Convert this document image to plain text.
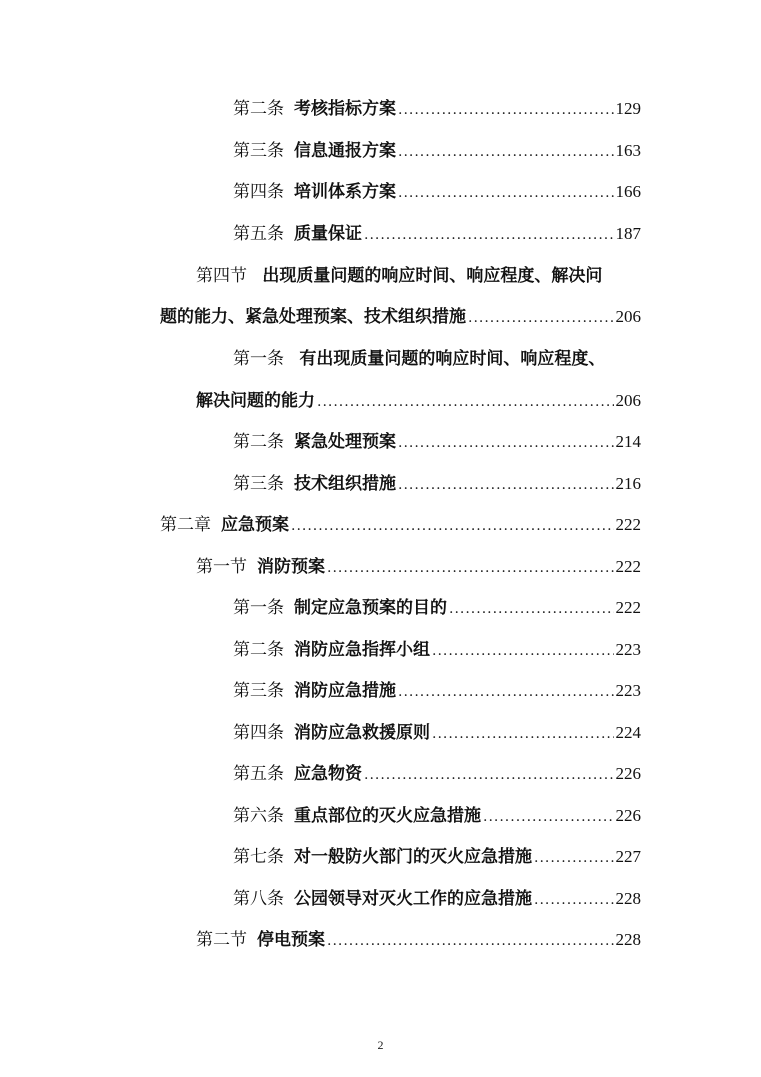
第二条 考核指标方案 .....	129
第三条 信息通报方案 .....	163
第四条 培训体系方案 .....	166
第五条 质量保证 .....	187
第四节 出现质量问题的响应时间、响应程度、解决问
题的能力、紧急处理预案、技术组织措施 .....	206
第一条 有出现质量问题的响应时间、响应程度、
解决问题的能力 .....	206
第二条 紧急处理预案 .....	214
第三条 技术组织措施 .....	216
第二章 应急预案 .....	222
第一节 消防预案 .....	222
第一条 制定应急预案的目的 .....	222
第二条 消防应急指挥小组 .....	223
第三条 消防应急措施 .....	223
第四条 消防应急救援原则 .....	224
第五条 应急物资 .....	226
第六条 重点部位的灭火应急措施 .....	226
第七条 对一般防火部门的灭火应急措施 .....	227
第八条 公园领导对灭火工作的应急措施 .....	228
第二节 停电预案 .....	228
2
